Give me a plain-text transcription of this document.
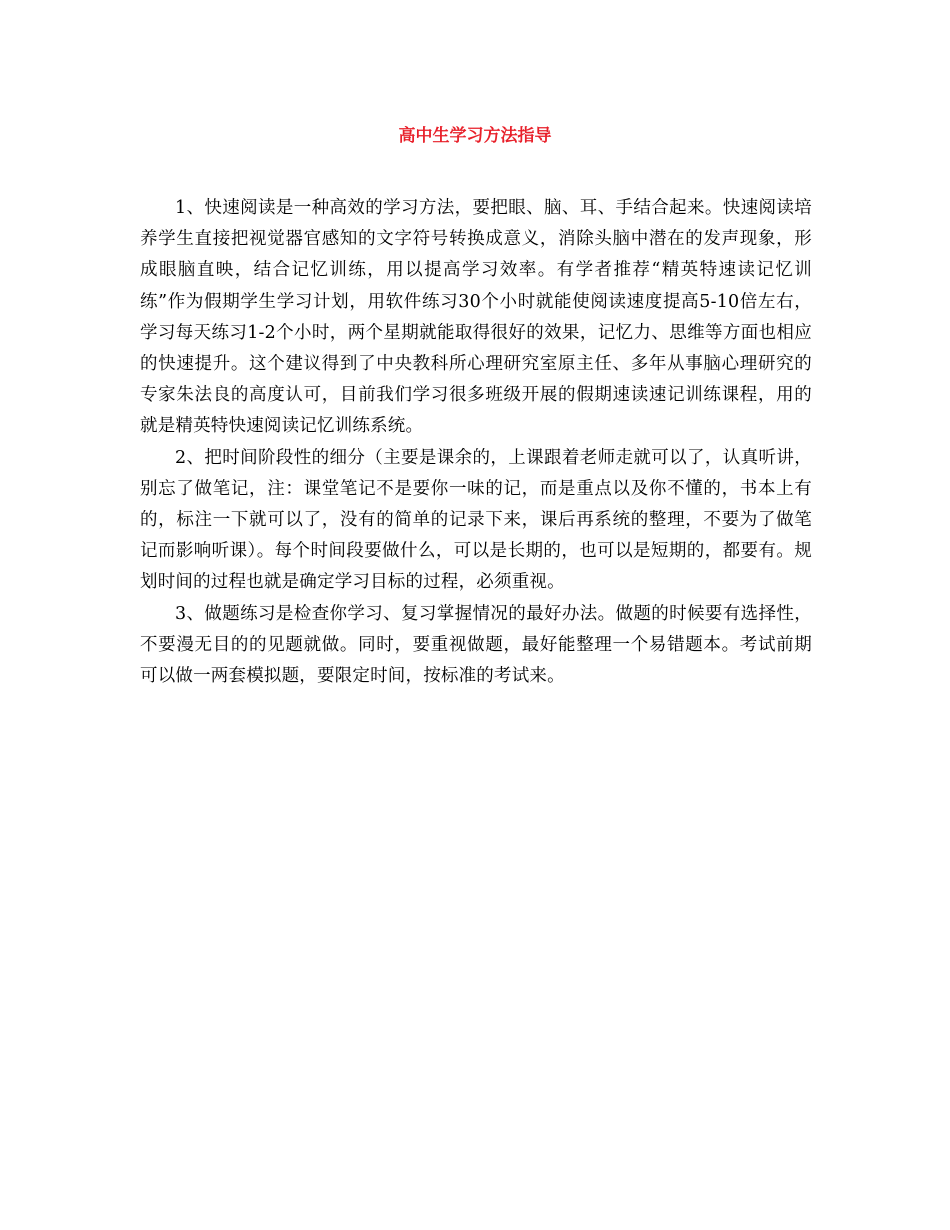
高中生学习方法指导

1、快速阅读是一种高效的学习方法，要把眼、脑、耳、手结合起来。快速阅读培养学生直接把视觉器官感知的文字符号转换成意义，消除头脑中潜在的发声现象，形成眼脑直映，结合记忆训练，用以提高学习效率。有学者推荐“精英特速读记忆训练”作为假期学生学习计划，用软件练习30个小时就能使阅读速度提高5-10倍左右，学习每天练习1-2个小时，两个星期就能取得很好的效果，记忆力、思维等方面也相应的快速提升。这个建议得到了中央教科所心理研究室原主任、多年从事脑心理研究的专家朱法良的高度认可，目前我们学习很多班级开展的假期速读速记训练课程，用的就是精英特快速阅读记忆训练系统。

2、把时间阶段性的细分（主要是课余的，上课跟着老师走就可以了，认真听讲，别忘了做笔记，注：课堂笔记不是要你一味的记，而是重点以及你不懂的，书本上有的，标注一下就可以了，没有的简单的记录下来，课后再系统的整理，不要为了做笔记而影响听课）。每个时间段要做什么，可以是长期的，也可以是短期的，都要有。规划时间的过程也就是确定学习目标的过程，必须重视。

3、做题练习是检查你学习、复习掌握情况的最好办法。做题的时候要有选择性，不要漫无目的的见题就做。同时，要重视做题，最好能整理一个易错题本。考试前期可以做一两套模拟题，要限定时间，按标准的考试来。
